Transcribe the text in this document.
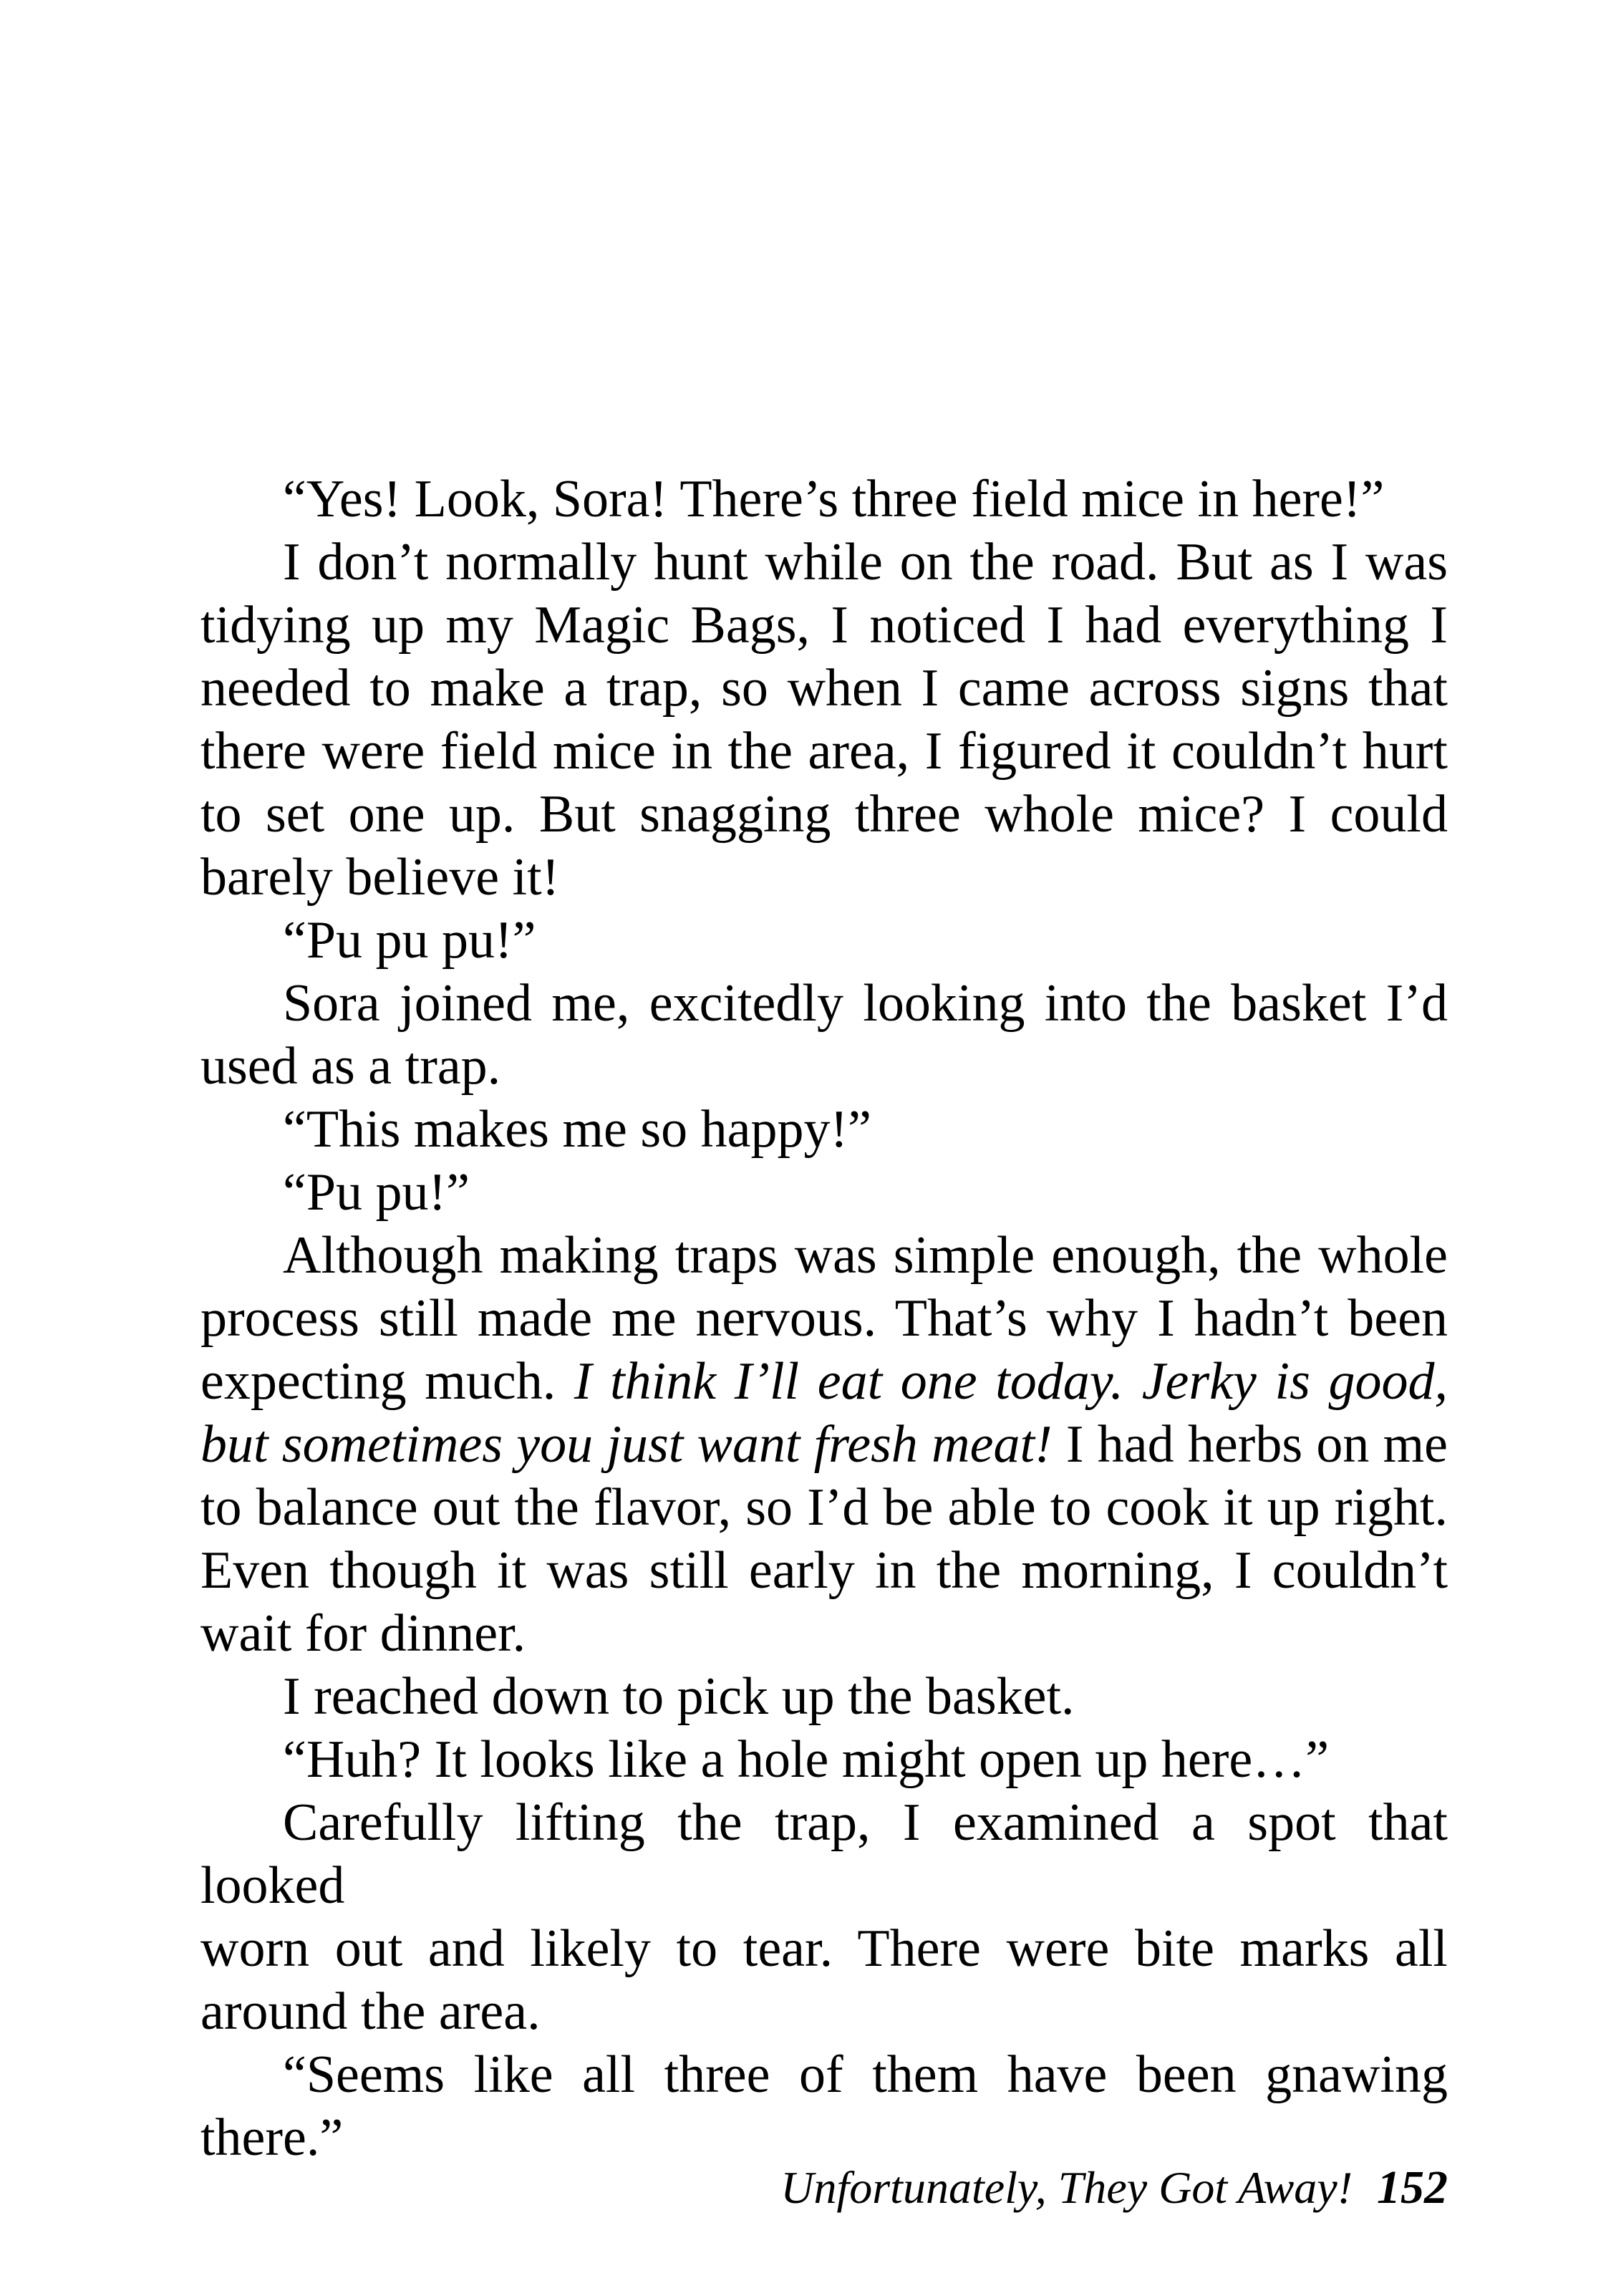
“Yes! Look, Sora! There’s three field mice in here!”
I don’t normally hunt while on the road. But as I was
tidying up my Magic Bags, I noticed I had everything I
needed to make a trap, so when I came across signs that
there were field mice in the area, I figured it couldn’t hurt
to set one up. But snagging three whole mice? I could
barely believe it!
“Pu pu pu!”
Sora joined me, excitedly looking into the basket I’d
used as a trap.
“This makes me so happy!”
“Pu pu!”
Although making traps was simple enough, the whole
process still made me nervous. That’s why I hadn’t been
expecting much. I think I’ll eat one today. Jerky is good,
but sometimes you just want fresh meat! I had herbs on me
to balance out the flavor, so I’d be able to cook it up right.
Even though it was still early in the morning, I couldn’t
wait for dinner.
I reached down to pick up the basket.
“Huh? It looks like a hole might open up here…”
Carefully lifting the trap, I examined a spot that looked
worn out and likely to tear. There were bite marks all
around the area.
“Seems like all three of them have been gnawing
there.”
Unfortunately, They Got Away! 152
